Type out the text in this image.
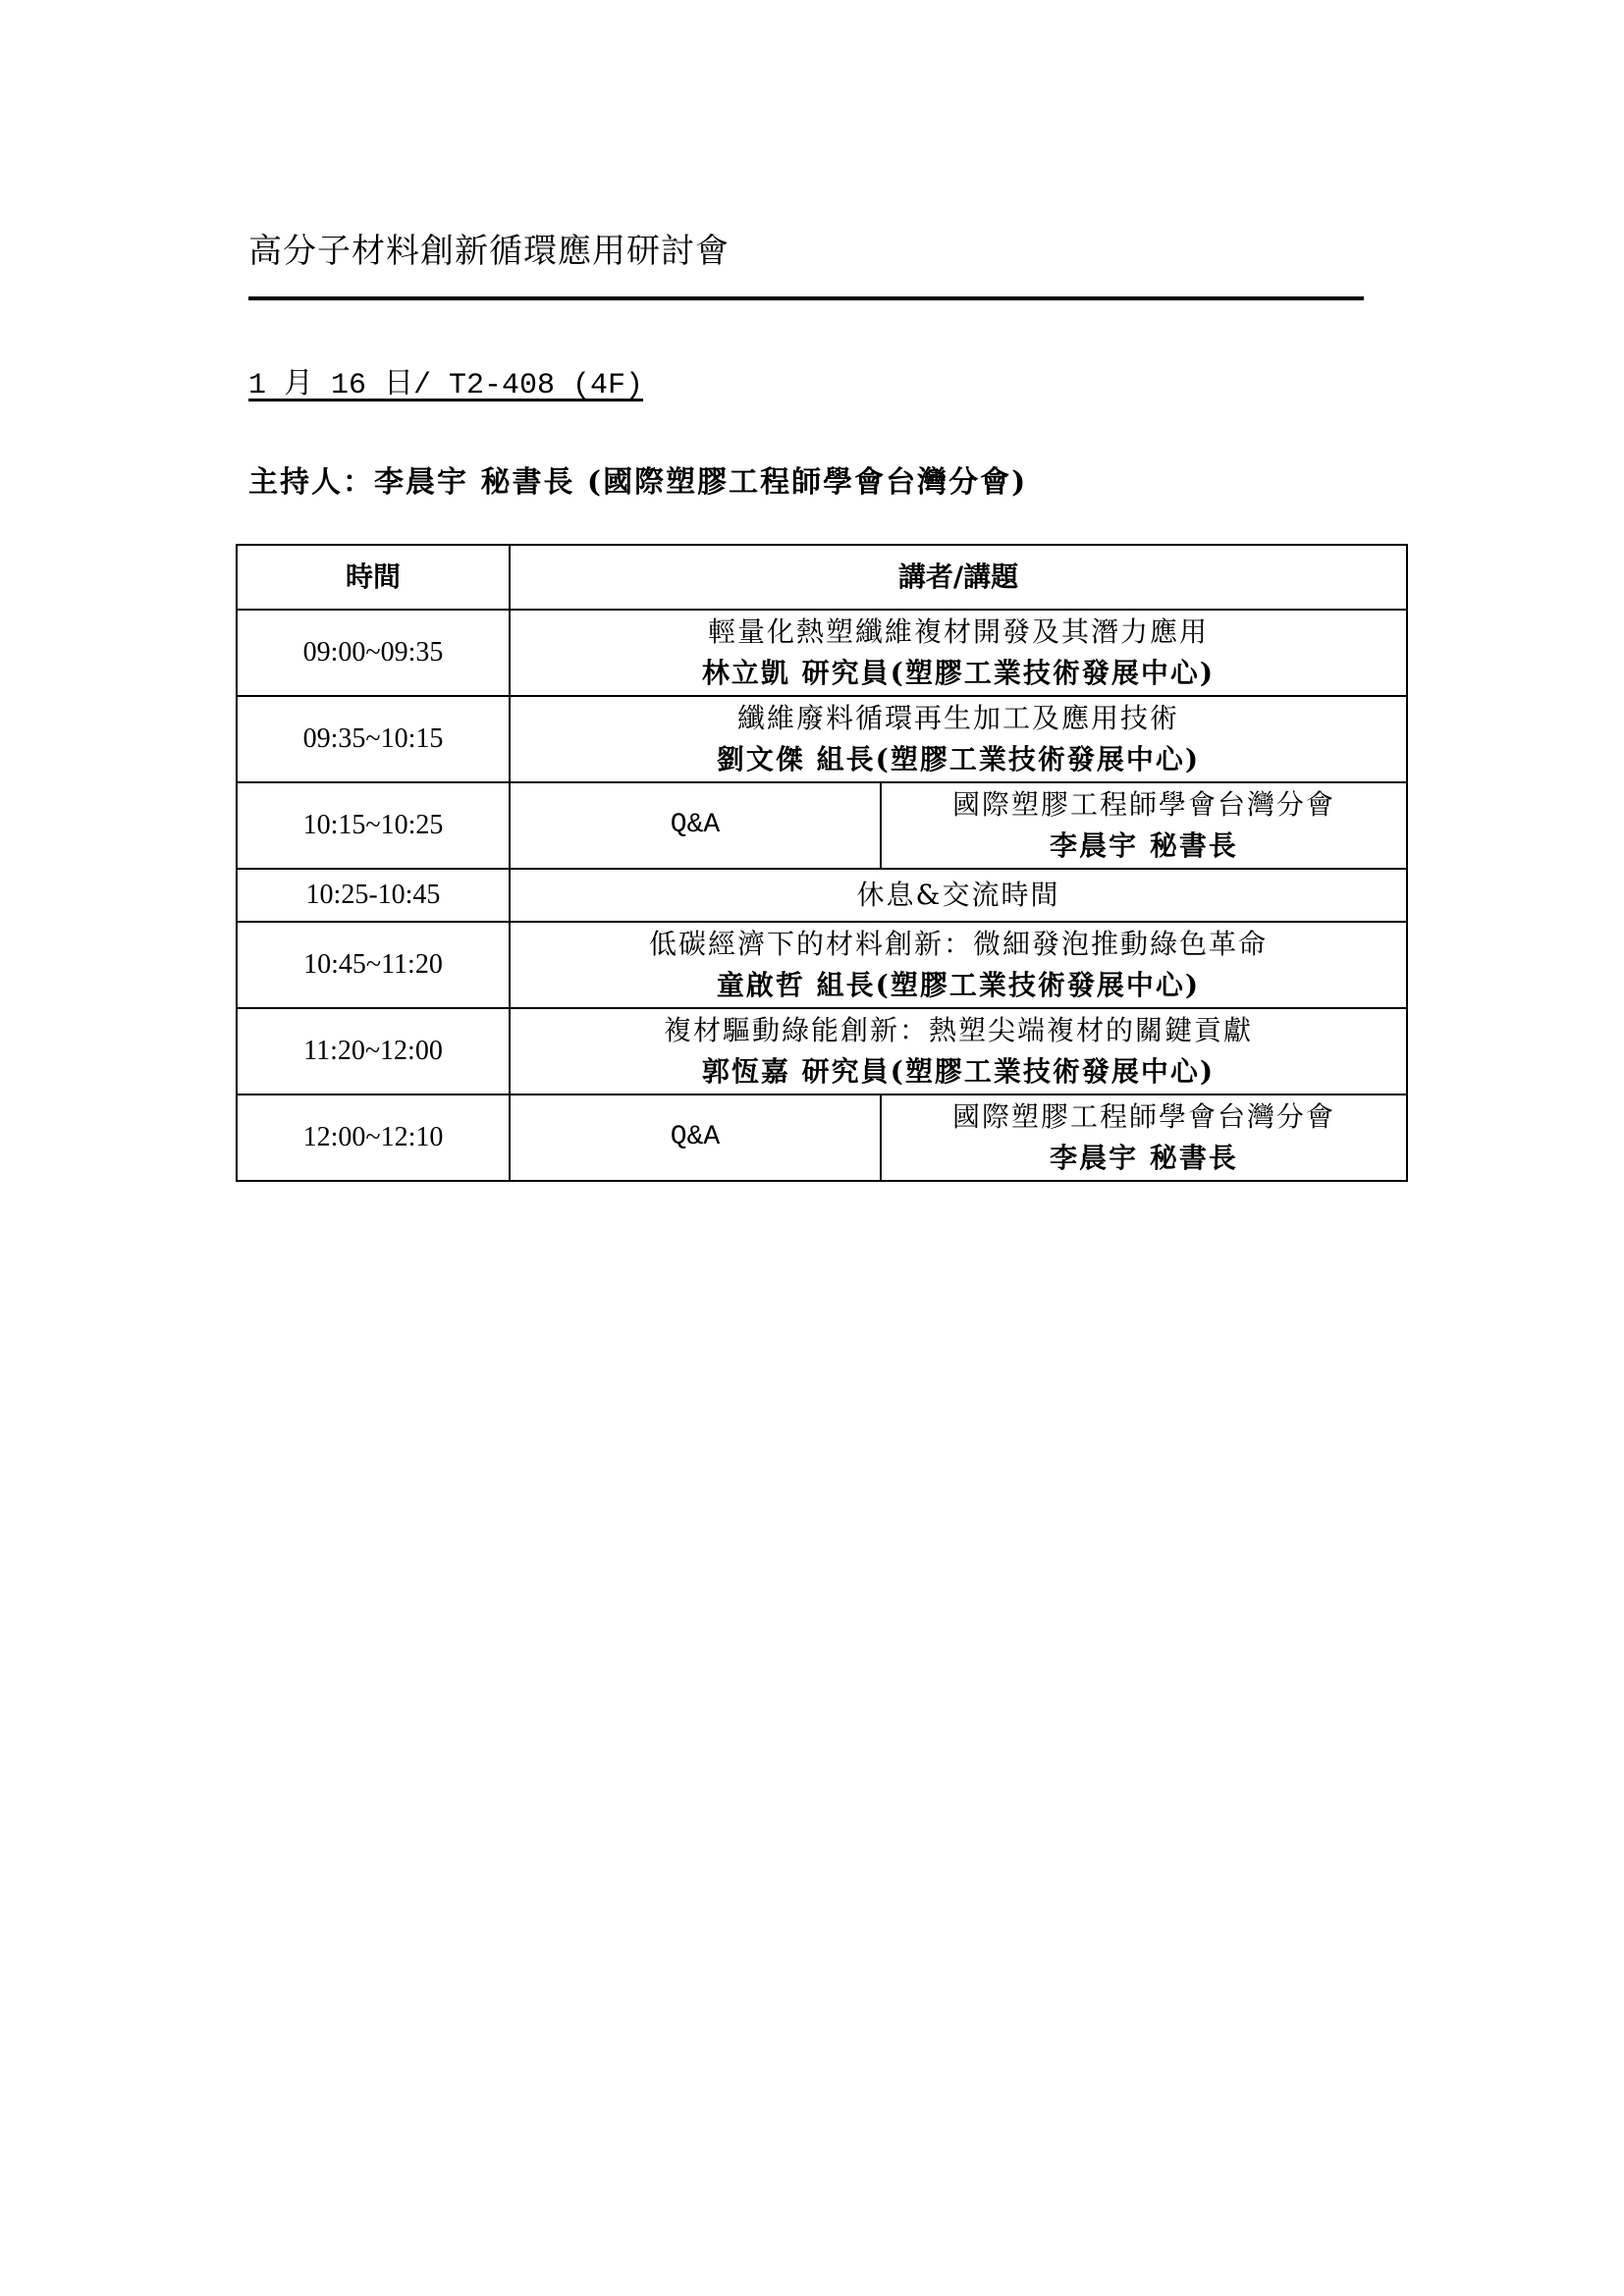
高分子材料創新循環應用研討會
1 月 16 日/ T2-408 (4F)
主持人：李晨宇 秘書長 (國際塑膠工程師學會台灣分會)
時間	講者/講題	
09:00~09:35	輕量化熱塑纖維複材開發及其潛力應用
林立凱 研究員(塑膠工業技術發展中心)	

09:35~10:15	纖維廢料循環再生加工及應用技術
劉文傑 組長(塑膠工業技術發展中心)	

10:15~10:25	Q&A	國際塑膠工程師學會台灣分會
李晨宇 秘書長

10:25-10:45	休息&交流時間	
10:45~11:20	低碳經濟下的材料創新：微細發泡推動綠色革命
童啟哲 組長(塑膠工業技術發展中心)	

11:20~12:00	複材驅動綠能創新：熱塑尖端複材的關鍵貢獻
郭恆嘉 研究員(塑膠工業技術發展中心)	

12:00~12:10	Q&A	國際塑膠工程師學會台灣分會
李晨宇 秘書長
